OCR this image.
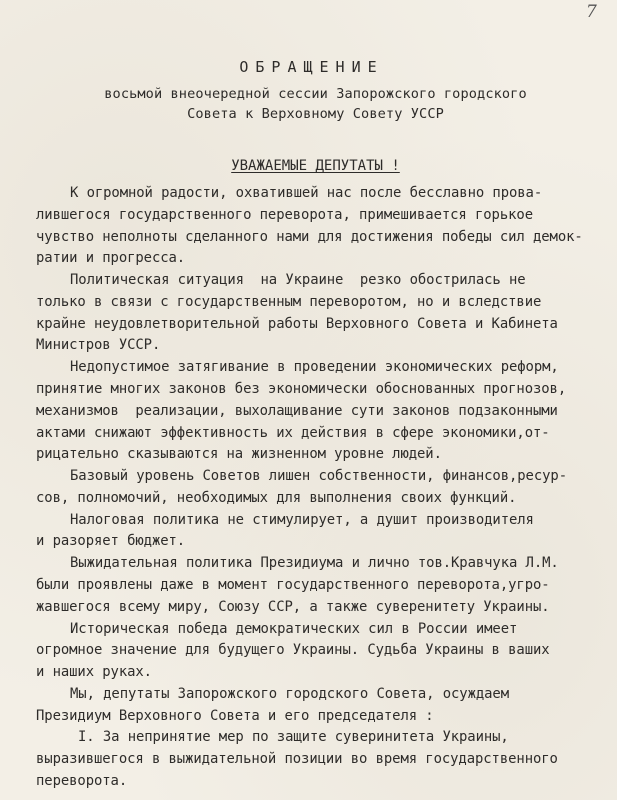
7
ОБРАЩЕНИЕ
восьмой внеочередной сессии Запорожского городского
Совета к Верховному Совету УССР
УВАЖАЕМЫЕ ДЕПУТАТЫ !
К огромной радости, охватившей нас после бесславно прова-
лившегося государственного переворота, примешивается горькое
чувство неполноты сделанного нами для достижения победы сил демок-
ратии и прогресса.
Политическая ситуация  на Украине  резко обострилась не
только в связи с государственным переворотом, но и вследствие
крайне неудовлетворительной работы Верховного Совета и Кабинета
Министров УССР.
Недопустимое затягивание в проведении экономических реформ,
принятие многих законов без экономически обоснованных прогнозов,
механизмов  реализации, выхолащивание сути законов подзаконными
актами снижают эффективность их действия в сфере экономики,от-
рицательно сказываются на жизненном уровне людей.
Базовый уровень Советов лишен собственности, финансов,ресур-
сов, полномочий, необходимых для выполнения своих функций.
Налоговая политика не стимулирует, а душит производителя
и разоряет бюджет.
Выжидательная политика Президиума и лично тов.Кравчука Л.М.
были проявлены даже в момент государственного переворота,угро-
жавшегося всему миру, Союзу ССР, а также суверенитету Украины.
Историческая победа демократических сил в России имеет
огромное значение для будущего Украины. Судьба Украины в ваших
и наших руках.
Мы, депутаты Запорожского городского Совета, осуждаем
Президиум Верховного Совета и его председателя :
I. За непринятие мер по защите суверинитета Украины,
выразившегося в выжидательной позиции во время государственного
переворота.
